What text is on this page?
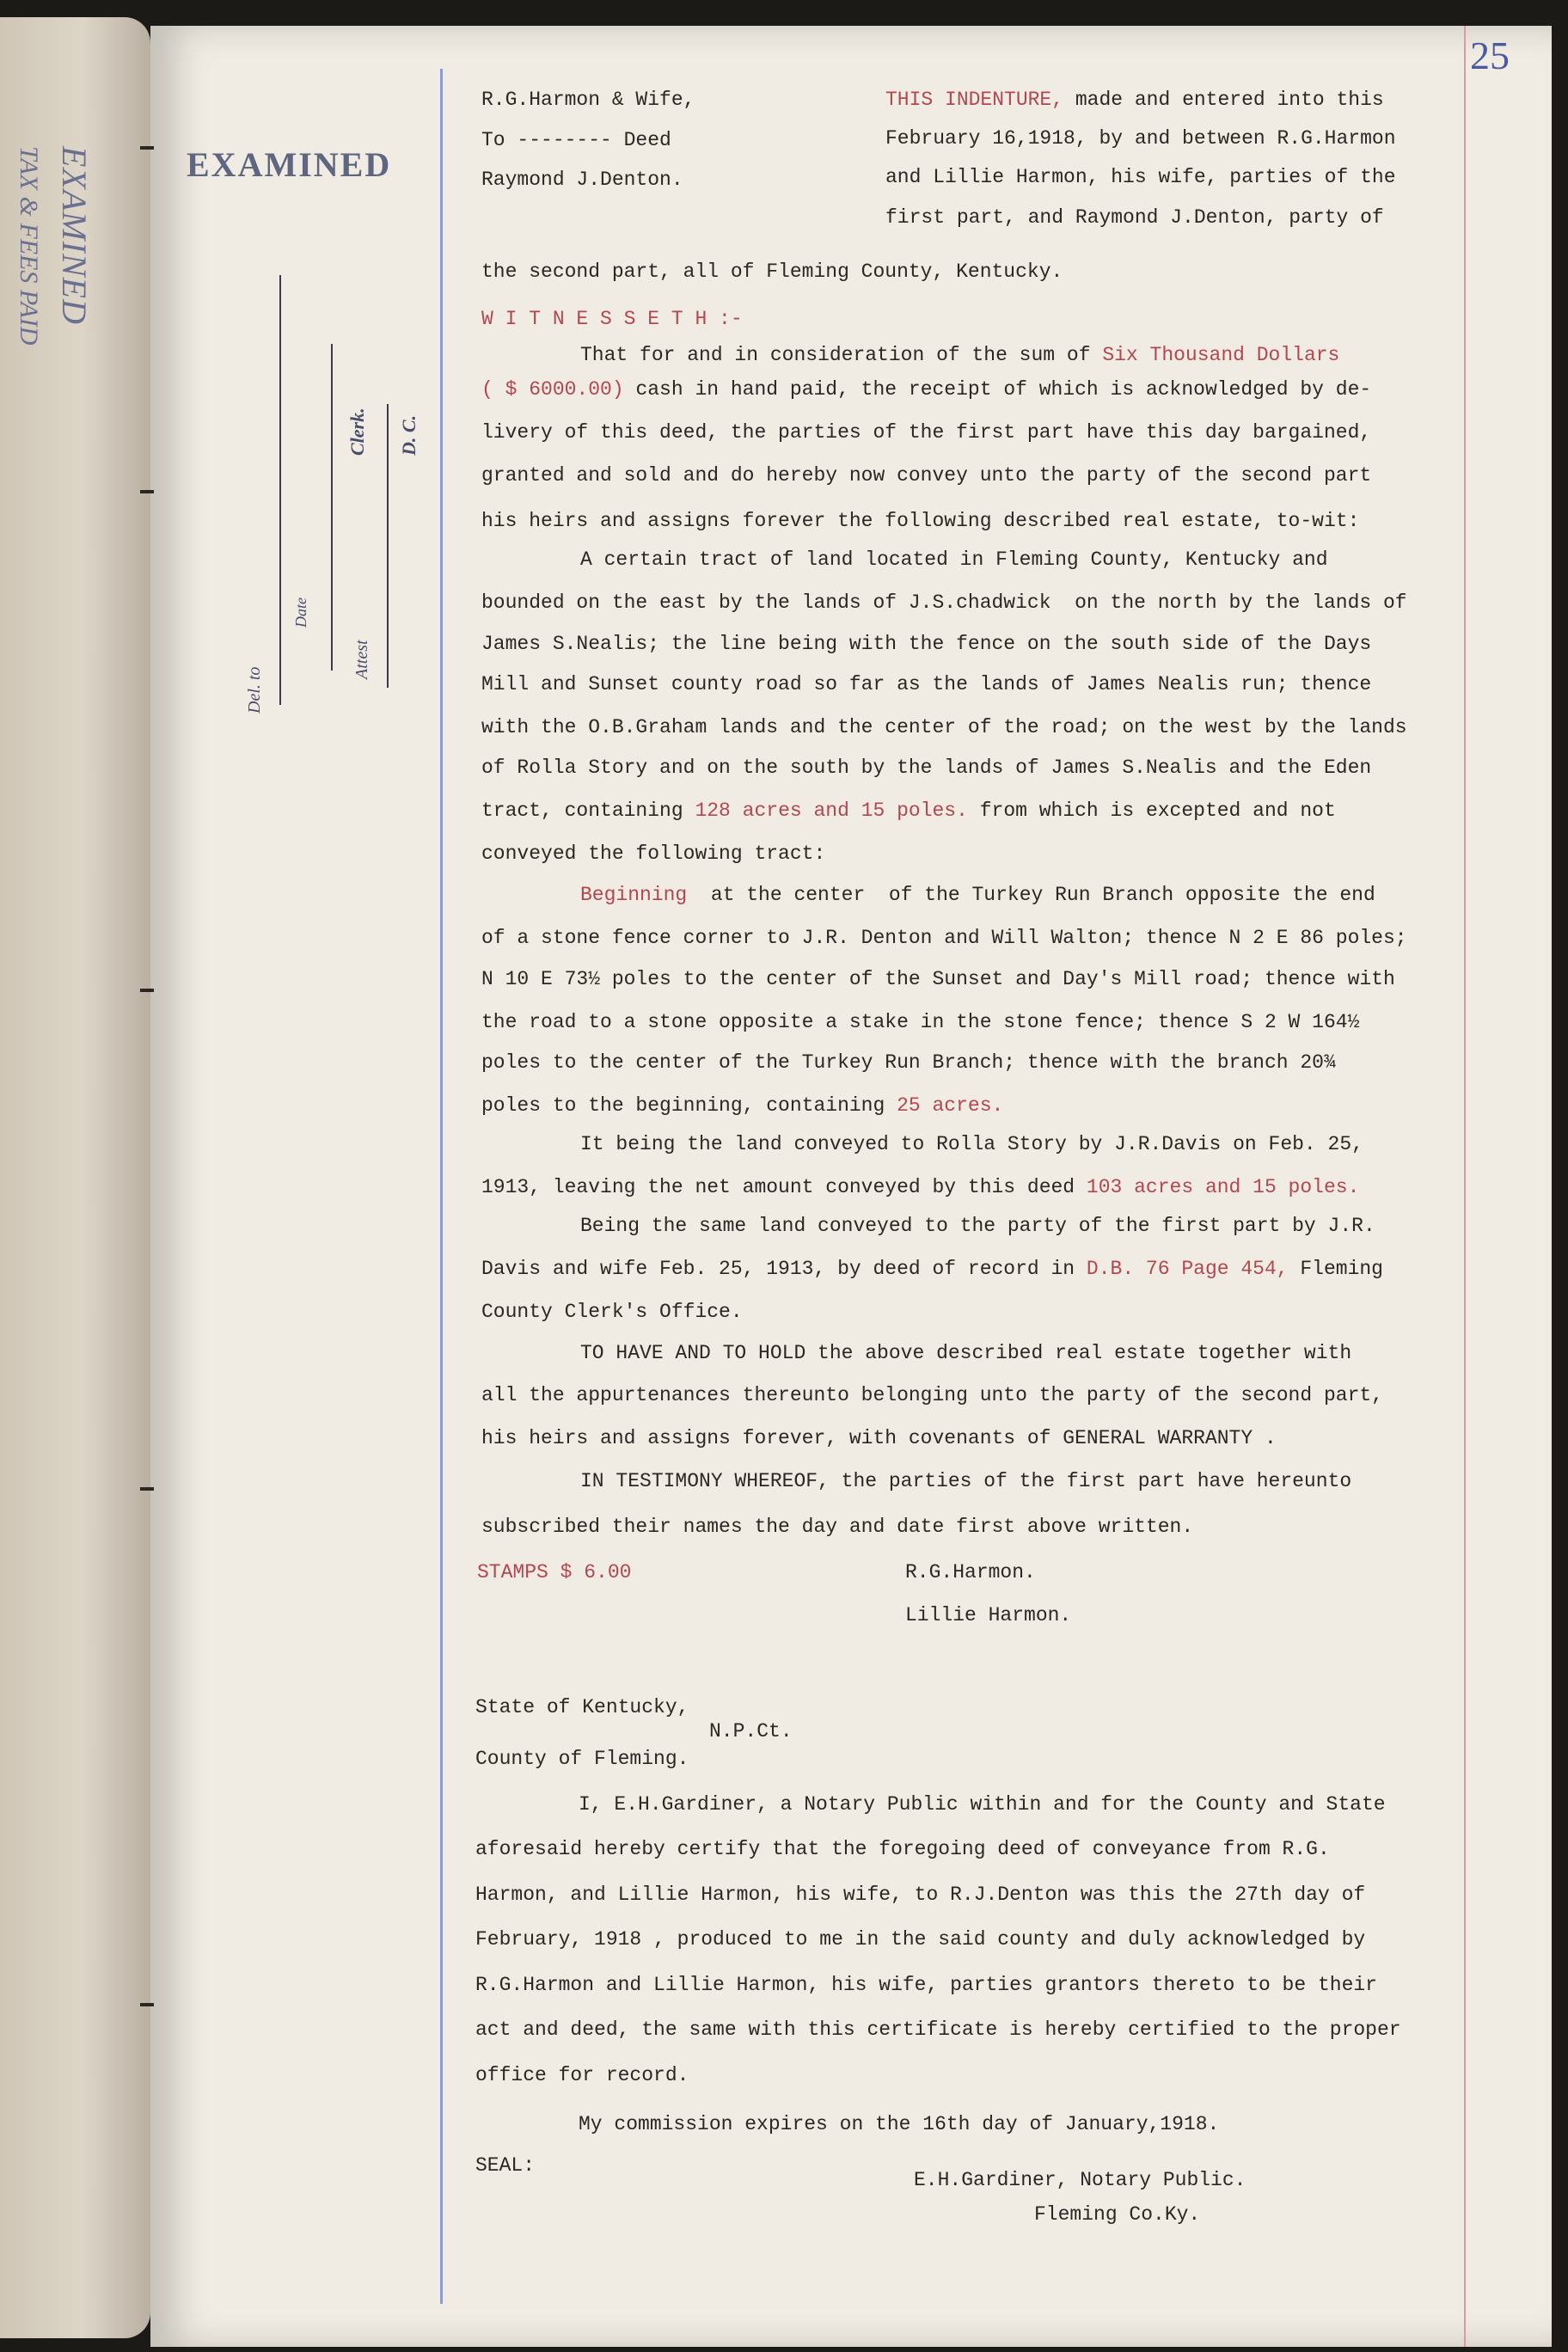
EXAMINED
TAX & FEES PAID	EXAMINED
Del. to
Date
Attest
Clerk. D. C.
25
R.G.Harmon & Wife,
To -------- Deed
Raymond J.Denton.
THIS INDENTURE, made and entered into this
February 16,1918, by and between R.G.Harmon
and Lillie Harmon, his wife, parties of the
first part, and Raymond J.Denton, party of
the second part, all of Fleming County, Kentucky.
W I T N E S S E T H :-
That for and in consideration of the sum of Six Thousand Dollars
( $ 6000.00) cash in hand paid, the receipt of which is acknowledged by de-
livery of this deed, the parties of the first part have this day bargained,
granted and sold and do hereby now convey unto the party of the second part
his heirs and assigns forever the following described real estate, to-wit:
A certain tract of land located in Fleming County, Kentucky and
bounded on the east by the lands of J.S.chadwick  on the north by the lands of
James S.Nealis; the line being with the fence on the south side of the Days
Mill and Sunset county road so far as the lands of James Nealis run; thence
with the O.B.Graham lands and the center of the road; on the west by the lands
of Rolla Story and on the south by the lands of James S.Nealis and the Eden
tract, containing 128 acres and 15 poles. from which is excepted and not
conveyed the following tract:
Beginning  at the center  of the Turkey Run Branch opposite the end
of a stone fence corner to J.R. Denton and Will Walton; thence N 2 E 86 poles;
N 10 E 73½ poles to the center of the Sunset and Day's Mill road; thence with
the road to a stone opposite a stake in the stone fence; thence S 2 W 164½
poles to the center of the Turkey Run Branch; thence with the branch 20¾
poles to the beginning, containing 25 acres.
It being the land conveyed to Rolla Story by J.R.Davis on Feb. 25,
1913, leaving the net amount conveyed by this deed 103 acres and 15 poles.
Being the same land conveyed to the party of the first part by J.R.
Davis and wife Feb. 25, 1913, by deed of record in D.B. 76 Page 454, Fleming
County Clerk's Office.
TO HAVE AND TO HOLD the above described real estate together with
all the appurtenances thereunto belonging unto the party of the second part,
his heirs and assigns forever, with covenants of GENERAL WARRANTY .
IN TESTIMONY WHEREOF, the parties of the first part have hereunto
subscribed their names the day and date first above written.
STAMPS $ 6.00	R.G.Harmon.
Lillie Harmon.
State of Kentucky,
N.P.Ct.
County of Fleming.
I, E.H.Gardiner, a Notary Public within and for the County and State
aforesaid hereby certify that the foregoing deed of conveyance from R.G.
Harmon, and Lillie Harmon, his wife, to R.J.Denton was this the 27th day of
February, 1918 , produced to me in the said county and duly acknowledged by
R.G.Harmon and Lillie Harmon, his wife, parties grantors thereto to be their
act and deed, the same with this certificate is hereby certified to the proper
office for record.
My commission expires on the 16th day of January,1918.
SEAL:
E.H.Gardiner, Notary Public.
Fleming Co.Ky.
